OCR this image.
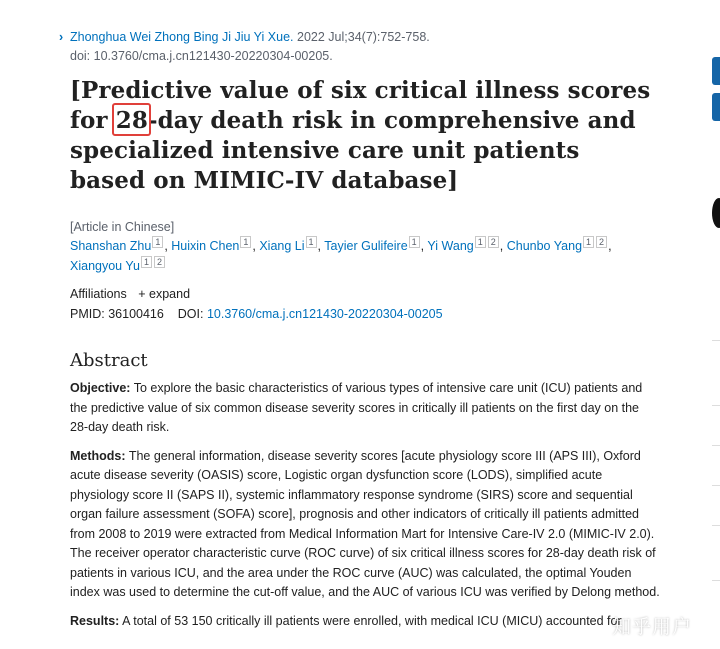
› Zhonghua Wei Zhong Bing Ji Jiu Yi Xue. 2022 Jul;34(7):752-758.
doi: 10.3760/cma.j.cn121430-20220304-00205.
[Predictive value of six critical illness scores for
28-day death risk in comprehensive and specialized intensive care unit patients based on MIMIC-IV database]
[Article in Chinese]
Shanshan Zhu $^1$ , Huixin Chen $^1$ , Xiang Li $^1$ , Tayier Gulifeire $^1$ , Yi Wang $^1$ $^2$ , Chunbo Yang $^1$ $^2$ , Xiangyou Yu $^1$ $^2$
Affiliations + expand
PMID: 36100416 DOI: 10.3760/cma.j.cn121430-20220304-00205
Abstract

Objective: To explore the basic characteristics of various types of intensive care unit (ICU) patients and the predictive value of six common disease severity scores in critically ill patients on the first day on the 28-day death risk.

Methods: The general information, disease severity scores [acute physiology score III (APS III), Oxford acute disease severity (OASIS) score, Logistic organ dysfunction score (LODS), simplified acute physiology score II (SAPS II), systemic inflammatory response syndrome (SIRS) score and sequential organ failure assessment (SOFA) score], prognosis and other indicators of critically ill patients admitted from 2008 to 2019 were extracted from Medical Information Mart for Intensive Care-IV 2.0 (MIMIC-IV 2.0). The receiver operator characteristic curve (ROC curve) of six critical illness scores for 28-day death risk of patients in various ICU, and the area under the ROC curve (AUC) was calculated, the optimal Youden index was used to determine the cut-off value, and the AUC of various ICU was verified by Delong method.

Results: A total of 53 150 critically ill patients were enrolled, with medical ICU (MICU) accounted for

知乎用户
